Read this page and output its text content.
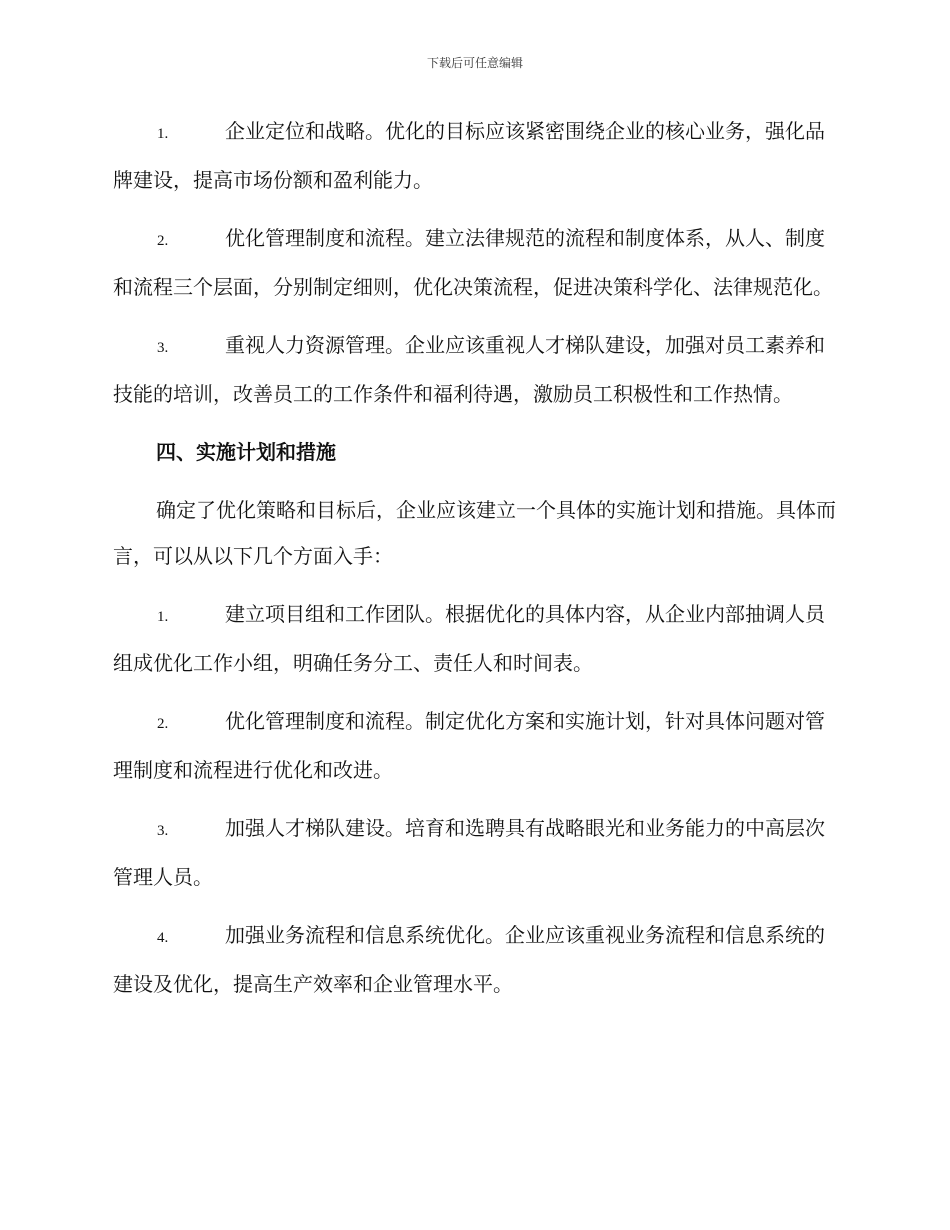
下载后可任意编辑

1.	企业定位和战略。优化的目标应该紧密围绕企业的核心业务，强化品牌建设，提高市场份额和盈利能力。

2.	优化管理制度和流程。建立法律规范的流程和制度体系，从人、制度和流程三个层面，分别制定细则，优化决策流程，促进决策科学化、法律规范化。

3.	重视人力资源管理。企业应该重视人才梯队建设，加强对员工素养和技能的培训，改善员工的工作条件和福利待遇，激励员工积极性和工作热情。

四、实施计划和措施

确定了优化策略和目标后，企业应该建立一个具体的实施计划和措施。具体而言，可以从以下几个方面入手：

1.	建立项目组和工作团队。根据优化的具体内容，从企业内部抽调人员组成优化工作小组，明确任务分工、责任人和时间表。

2.	优化管理制度和流程。制定优化方案和实施计划，针对具体问题对管理制度和流程进行优化和改进。

3.	加强人才梯队建设。培育和选聘具有战略眼光和业务能力的中高层次管理人员。

4.	加强业务流程和信息系统优化。企业应该重视业务流程和信息系统的建设及优化，提高生产效率和企业管理水平。
